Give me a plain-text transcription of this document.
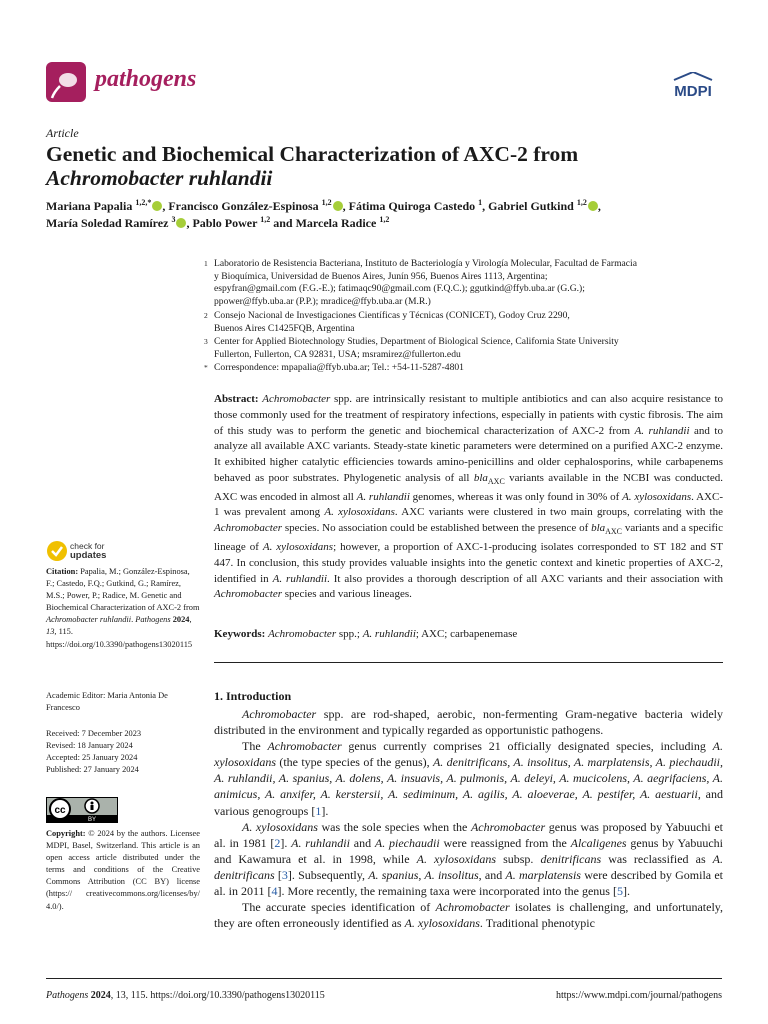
pathogens	MDPI
Article
Genetic and Biochemical Characterization of AXC-2 from
Achromobacter ruhlandii
Mariana Papalia $^{1,2,*}$ , Francisco González-Espinosa $^{1,2}$ , Fátima Quiroga Castedo $^1$, Gabriel Gutkind $^{1,2}$ ,
María Soledad Ramírez $^3$ , Pablo Power $^{1,2}$ and Marcela Radice $^{1,2}$
1 Laboratorio de Resistencia Bacteriana, Instituto de Bacteriología y Virología Molecular, Facultad de Farmacia
y Bioquímica, Universidad de Buenos Aires, Junín 956, Buenos Aires 1113, Argentina;
espyfran@gmail.com (F.G.-E.); fatimaqc90@gmail.com (F.Q.C.); ggutkind@ffyb.uba.ar (G.G.);
ppower@ffyb.uba.ar (P.P.); mradice@ffyb.uba.ar (M.R.)
2 Consejo Nacional de Investigaciones Científicas y Técnicas (CONICET), Godoy Cruz 2290,
Buenos Aires C1425FQB, Argentina
3 Center for Applied Biotechnology Studies, Department of Biological Science, California State University
Fullerton, Fullerton, CA 92831, USA; msramirez@fullerton.edu
* Correspondence: mpapalia@ffyb.uba.ar; Tel.: +54-11-5287-4801
Abstract: Achromobacter spp. are intrinsically resistant to multiple antibiotics and can also acquire resistance to those commonly used for the treatment of respiratory infections, especially in patients with cystic fibrosis. The aim of this study was to perform the genetic and biochemical characterization of AXC-2 from A. ruhlandii and to analyze all available AXC variants. Steady-state kinetic parameters were determined on a purified AXC-2 enzyme. It exhibited higher catalytic efficiencies towards amino-penicillins and older cephalosporins, while carbapenems behaved as poor substrates. Phylogenetic analysis of all bla$_{AXC}$ variants available in the NCBI was conducted. AXC was encoded in almost all A. ruhlandii genomes, whereas it was only found in 30% of A. xylosoxidans. AXC-1 was prevalent among A. xylosoxidans. AXC variants were clustered in two main groups, correlating with the Achromobacter species. No association could be established between the presence of bla$_{AXC}$ variants and a specific lineage of A. xylosoxidans; however, a proportion of AXC-1-producing isolates corresponded to ST 182 and ST 447. In conclusion, this study provides valuable insights into the genetic context and kinetic properties of AXC-2, identified in A. ruhlandii. It also provides a thorough description of all AXC variants and their association with Achromobacter species and various lineages.
Keywords: Achromobacter spp.; A. ruhlandii; AXC; carbapenemase
1. Introduction

Achromobacter spp. are rod-shaped, aerobic, non-fermenting Gram-negative bacteria widely distributed in the environment and typically regarded as opportunistic pathogens.

The Achromobacter genus currently comprises 21 officially designated species, including A. xylosoxidans (the type species of the genus), A. denitrificans, A. insolitus, A. marplatensis, A. piechaudii, A. ruhlandii, A. spanius, A. dolens, A. insuavis, A. pulmonis, A. deleyi, A. mucicolens, A. aegrifaciens, A. animicus, A. anxifer, A. kerstersii, A. sediminum, A. agilis, A. aloeverae, A. pestifer, A. aestuarii, and various genogroups [1].

A. xylosoxidans was the sole species when the Achromobacter genus was proposed by Yabuuchi et al. in 1981 [2]. A. ruhlandii and A. piechaudii were reassigned from the Alcaligenes genus by Yabuuchi and Kawamura et al. in 1998, while A. xylosoxidans subsp. denitrificans was reclassified as A. denitrificans [3]. Subsequently, A. spanius, A. insolitus, and A. marplatensis were described by Gomila et al. in 2011 [4]. More recently, the remaining taxa were incorporated into the genus [5].

The accurate species identification of Achromobacter isolates is challenging, and unfortunately, they are often erroneously identified as A. xylosoxidans. Traditional phenotypic

check for
updates
Citation: Papalia, M.; González-Espinosa, F.; Castedo, F.Q.; Gutkind, G.; Ramírez, M.S.; Power, P.; Radice, M. Genetic and Biochemical Characterization of AXC-2 from Achromobacter ruhlandii. Pathogens 2024, 13, 115. https://doi.org/10.3390/pathogens13020115
Academic Editor: Maria Antonia De Francesco
Received: 7 December 2023
Revised: 18 January 2024
Accepted: 25 January 2024
Published: 27 January 2024
cc
BY
Copyright: © 2024 by the authors. Licensee MDPI, Basel, Switzerland. This article is an open access article distributed under the terms and conditions of the Creative Commons Attribution (CC BY) license (https:// creativecommons.org/licenses/by/ 4.0/).
Pathogens 2024, 13, 115. https://doi.org/10.3390/pathogens13020115	https://www.mdpi.com/journal/pathogens
